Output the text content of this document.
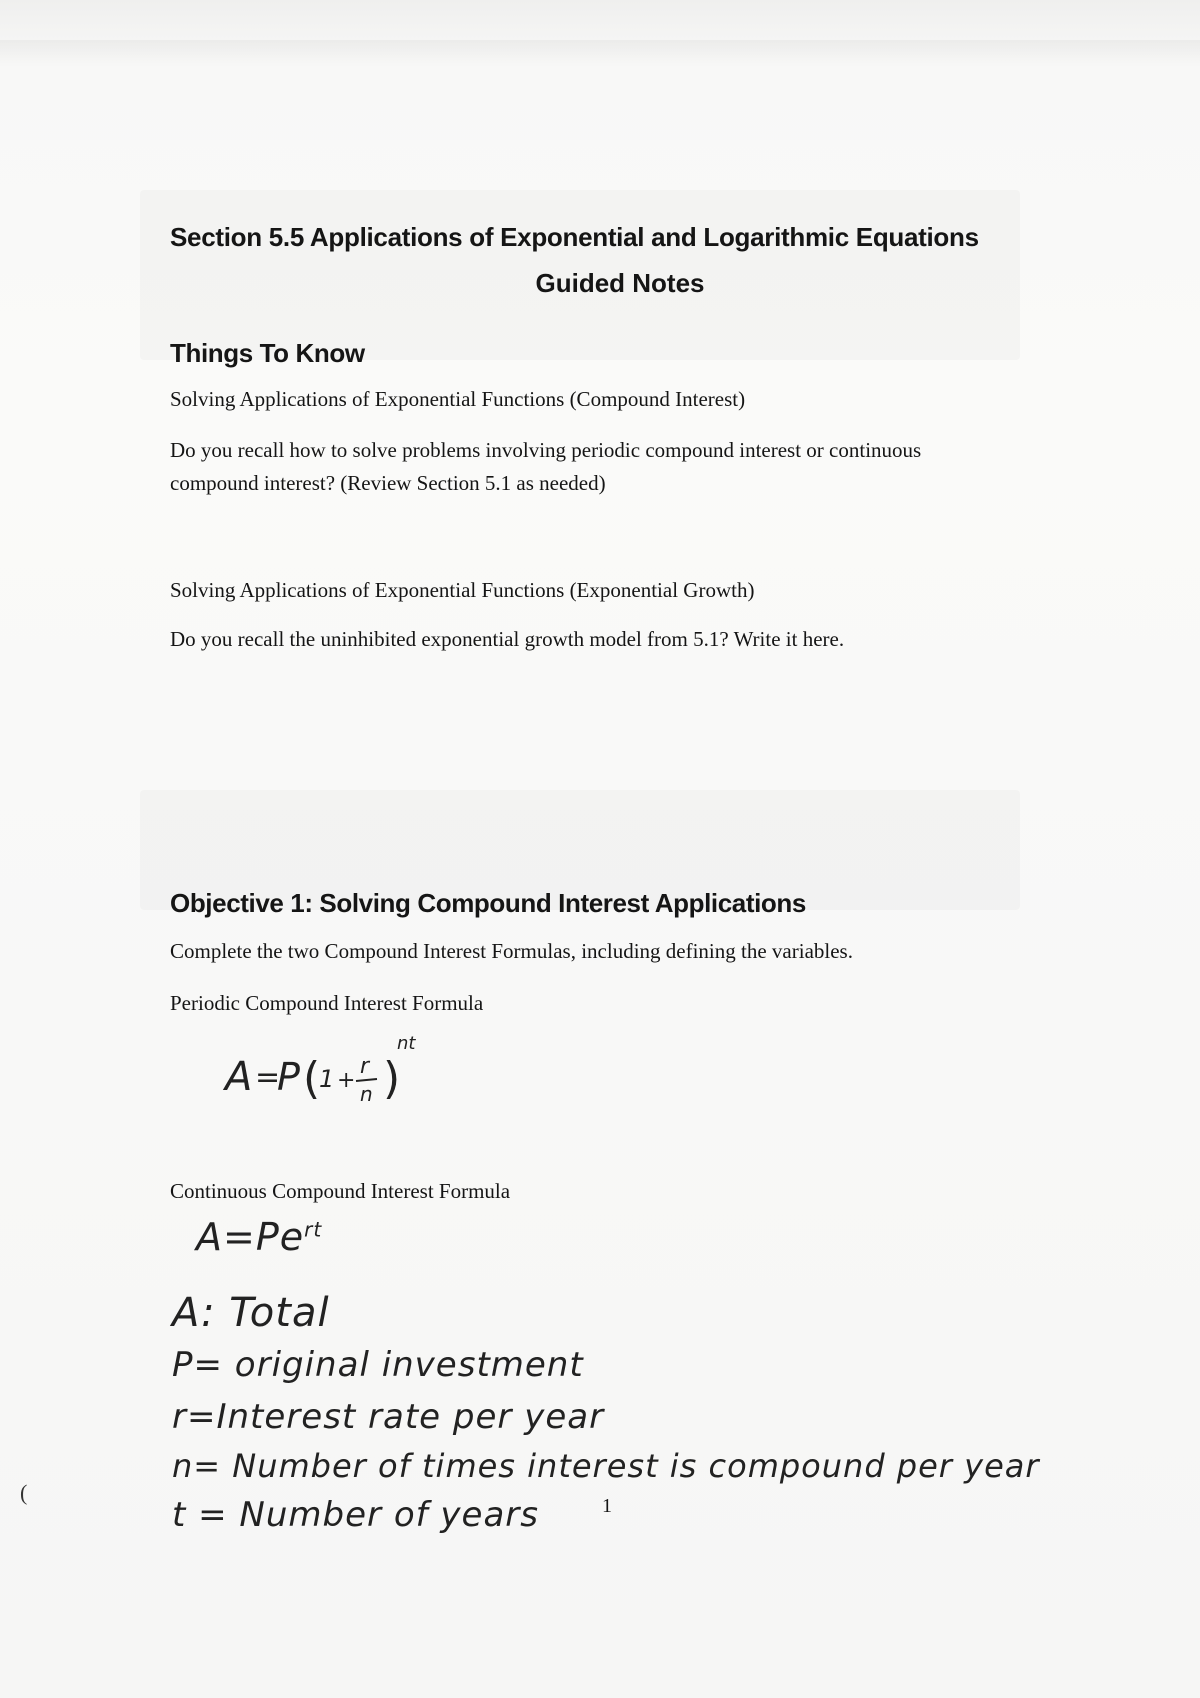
Section 5.5 Applications of Exponential and Logarithmic Equations
Guided Notes
Things To Know
Solving Applications of Exponential Functions (Compound Interest)
Do you recall how to solve problems involving periodic compound interest or continuous
compound interest? (Review Section 5.1 as needed)
Solving Applications of Exponential Functions (Exponential Growth)
Do you recall the uninhibited exponential growth model from 5.1? Write it here.
Objective 1: Solving Compound Interest Applications
Complete the two Compound Interest Formulas, including defining the variables.
Periodic Compound Interest Formula
A =
P (
1 +
r
n )
nt
Continuous Compound Interest Formula
$A=Pe^{rt}$
A: Total
P= original investment
r=Interest rate per year
n= Number of times interest is compound per year
t = Number of years	1
(
